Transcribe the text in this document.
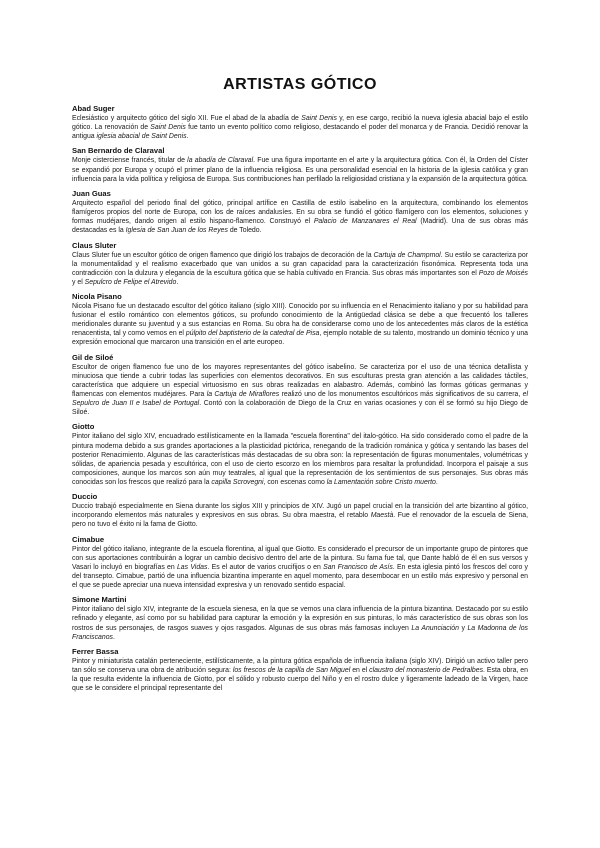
ARTISTAS GÓTICO

Abad Suger

Eclesiástico y arquitecto gótico del siglo XII. Fue el abad de la abadía de Saint Denis y, en ese cargo, recibió la nueva iglesia abacial bajo el estilo gótico. La renovación de Saint Denis fue tanto un evento político como religioso, destacando el poder del monarca y de Francia. Decidió renovar la antigua iglesia abacial de Saint Denis.

San Bernardo de Claraval

Monje cisterciense francés, titular de la abadía de Claraval. Fue una figura importante en el arte y la arquitectura gótica. Con él, la Orden del Císter se expandió por Europa y ocupó el primer plano de la influencia religiosa. Es una personalidad esencial en la historia de la iglesia católica y gran influencia para la vida política y religiosa de Europa. Sus contribuciones han perfilado la religiosidad cristiana y la expansión de la arquitectura gótica.

Juan Guas

Arquitecto español del periodo final del gótico, principal artífice en Castilla de estilo isabelino en la arquitectura, combinando los elementos flamígeros propios del norte de Europa, con los de raíces andalusíes. En su obra se fundió el gótico flamígero con los elementos, soluciones y formas mudéjares, dando origen al estilo hispano-flamenco. Construyó el Palacio de Manzanares el Real (Madrid). Una de sus obras más destacadas es la Iglesia de San Juan de los Reyes de Toledo.

Claus Sluter

Claus Sluter fue un escultor gótico de origen flamenco que dirigió los trabajos de decoración de la Cartuja de Champmol. Su estilo se caracteriza por la monumentalidad y el realismo exacerbado que van unidos a su gran capacidad para la caracterización fisonómica. Representa toda una contradicción con la dulzura y elegancia de la escultura gótica que se había cultivado en Francia. Sus obras más importantes son el Pozo de Moisés y el Sepulcro de Felipe el Atrevido.

Nicola Pisano

Nicola Pisano fue un destacado escultor del gótico italiano (siglo XIII). Conocido por su influencia en el Renacimiento italiano y por su habilidad para fusionar el estilo romántico con elementos góticos, su profundo conocimiento de la Antigüedad clásica se debe a que frecuentó los talleres meridionales durante su juventud y a sus estancias en Roma. Su obra ha de considerarse como uno de los antecedentes más claros de la estética renacentista, tal y como vemos en el púlpito del baptisterio de la catedral de Pisa, ejemplo notable de su talento, mostrando un dominio técnico y una expresión emocional que marcaron una transición en el arte europeo.

Gil de Siloé

Escultor de origen flamenco fue uno de los mayores representantes del gótico isabelino. Se caracteriza por el uso de una técnica detallista y minuciosa que tiende a cubrir todas las superficies con elementos decorativos. En sus esculturas presta gran atención a las calidades táctiles, característica que adquiere un especial virtuosismo en sus obras realizadas en alabastro. Además, combinó las formas góticas germanas y flamencas con elementos mudéjares. Para la Cartuja de Miraflores realizó uno de los monumentos escultóricos más significativos de su carrera, el Sepulcro de Juan II e Isabel de Portugal. Contó con la colaboración de Diego de la Cruz en varias ocasiones y con él se formó su hijo Diego de Siloé.

Giotto

Pintor italiano del siglo XIV, encuadrado estilísticamente en la llamada "escuela florentina" del italo-gótico. Ha sido considerado como el padre de la pintura moderna debido a sus grandes aportaciones a la plasticidad pictórica, renegando de la tradición románica y gótica y sentando las bases del posterior Renacimiento. Algunas de las características más destacadas de su obra son: la representación de figuras monumentales, volumétricas y sólidas, de apariencia pesada y escultórica, con el uso de cierto escorzo en los miembros para resaltar la profundidad. Incorpora el paisaje a sus composiciones, aunque los marcos son aún muy teatrales, al igual que la representación de los sentimientos de sus personajes. Sus obras más conocidas son los frescos que realizó para la capilla Scrovegni, con escenas como la Lamentación sobre Cristo muerto.

Duccio

Duccio trabajó especialmente en Siena durante los siglos XIII y principios de XIV. Jugó un papel crucial en la transición del arte bizantino al gótico, incorporando elementos más naturales y expresivos en sus obras. Su obra maestra, el retablo Maestà. Fue el renovador de la escuela de Siena, pero no tuvo el éxito ni la fama de Giotto.

Cimabue

Pintor del gótico italiano, integrante de la escuela florentina, al igual que Giotto. Es considerado el precursor de un importante grupo de pintores que con sus aportaciones contribuirán a lograr un cambio decisivo dentro del arte de la pintura. Su fama fue tal, que Dante habló de él en sus versos y Vasari lo incluyó en biografías en Las Vidas. Es el autor de varios crucifijos o en San Francisco de Asís. En esta iglesia pintó los frescos del coro y del transepto. Cimabue, partió de una influencia bizantina imperante en aquel momento, para desembocar en un estilo más expresivo y personal en el que se puede apreciar una nueva intensidad expresiva y un renovado sentido espacial.

Simone Martini

Pintor italiano del siglo XIV, integrante de la escuela sienesa, en la que se vemos una clara influencia de la pintura bizantina. Destacado por su estilo refinado y elegante, así como por su habilidad para capturar la emoción y la expresión en sus pinturas, lo más característico de sus obras son los rostros de sus personajes, de rasgos suaves y ojos rasgados. Algunas de sus obras más famosas incluyen La Anunciación y La Madonna de los Franciscanos.

Ferrer Bassa

Pintor y miniaturista catalán perteneciente, estilísticamente, a la pintura gótica española de influencia italiana (siglo XIV). Dirigió un activo taller pero tan sólo se conserva una obra de atribución segura: los frescos de la capilla de San Miguel en el claustro del monasterio de Pedralbes. Esta obra, en la que resulta evidente la influencia de Giotto, por el sólido y robusto cuerpo del Niño y en el rostro dulce y ligeramente ladeado de la Virgen, hace que se le considere el principal representante del
